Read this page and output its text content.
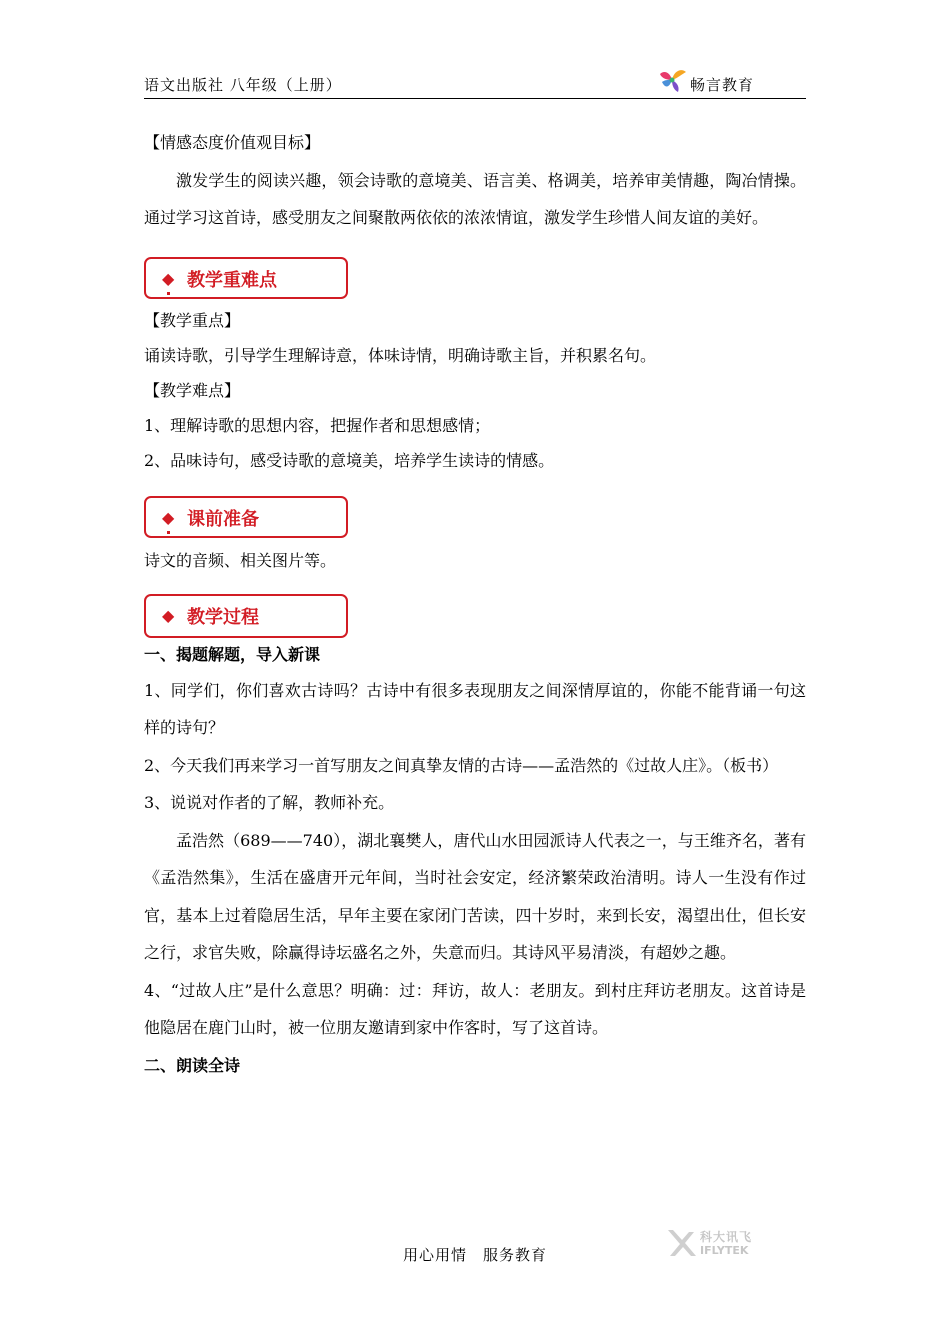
语文出版社 八年级（上册）	畅言教育

【情感态度价值观目标】

激发学生的阅读兴趣，领会诗歌的意境美、语言美、格调美，培养审美情趣，陶冶情操。通过学习这首诗，感受朋友之间聚散两依依的浓浓情谊，激发学生珍惜人间友谊的美好。

◆ 教学重难点

【教学重点】

诵读诗歌，引导学生理解诗意，体味诗情，明确诗歌主旨，并积累名句。

【教学难点】

1、理解诗歌的思想内容，把握作者和思想感情；

2、品味诗句，感受诗歌的意境美，培养学生读诗的情感。

◆ 课前准备

诗文的音频、相关图片等。

◆ 教学过程

一、揭题解题，导入新课

1、同学们，你们喜欢古诗吗？古诗中有很多表现朋友之间深情厚谊的，你能不能背诵一句这样的诗句？

2、今天我们再来学习一首写朋友之间真挚友情的古诗——孟浩然的《过故人庄》。（板书）

3、说说对作者的了解，教师补充。

孟浩然（689——740），湖北襄樊人，唐代山水田园派诗人代表之一，与王维齐名，著有《孟浩然集》，生活在盛唐开元年间，当时社会安定，经济繁荣政治清明。诗人一生没有作过官，基本上过着隐居生活，早年主要在家闭门苦读，四十岁时，来到长安，渴望出仕，但长安之行，求官失败，除赢得诗坛盛名之外，失意而归。其诗风平易清淡，有超妙之趣。

4、“过故人庄”是什么意思？明确：过：拜访，故人：老朋友。到村庄拜访老朋友。这首诗是他隐居在鹿门山时，被一位朋友邀请到家中作客时，写了这首诗。

二、朗读全诗

用心用情　服务教育
科大讯飞
IFLYTEK
